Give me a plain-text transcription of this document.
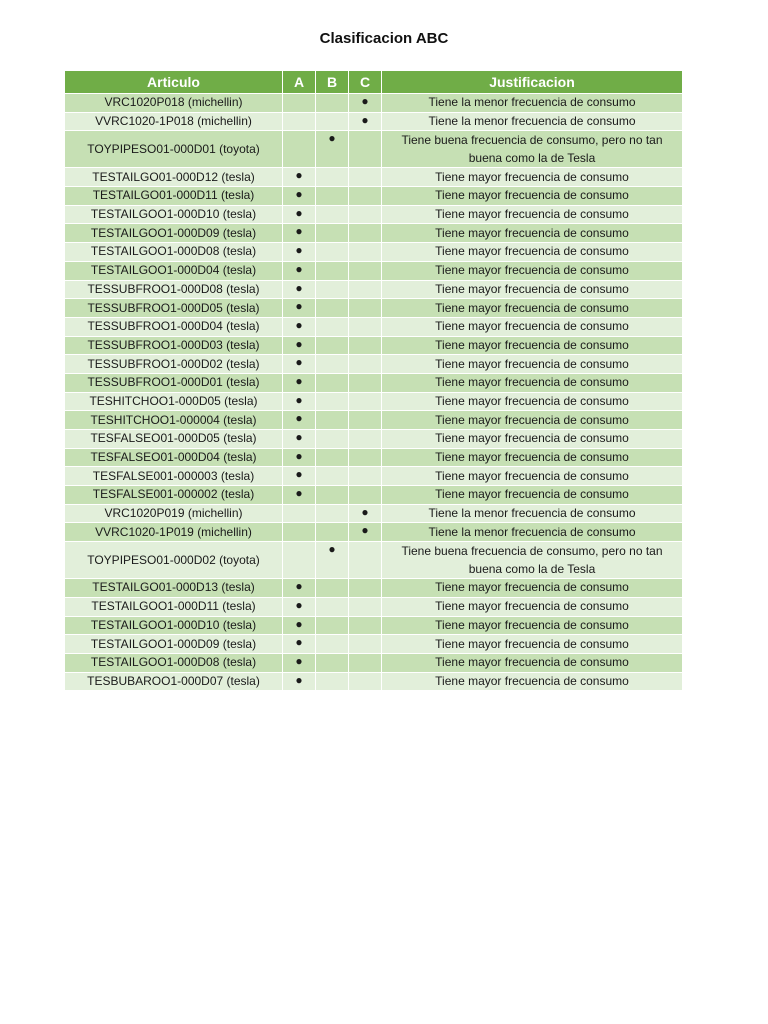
Clasificacion ABC
Articulo	A	B	C	Justificacion
VRC1020P018 (michellin)			●	Tiene la menor frecuencia de consumo
VVRC1020-1P018 (michellin)			●	Tiene la menor frecuencia de consumo
TOYPIPESO01-000D01 (toyota)		●		Tiene buena frecuencia de consumo, pero no tan buena como la de Tesla
TESTAILGO01-000D12 (tesla)	●			Tiene mayor frecuencia de consumo
TESTAILGO01-000D11 (tesla)	●			Tiene mayor frecuencia de consumo
TESTAILGOO1-000D10 (tesla)	●			Tiene mayor frecuencia de consumo
TESTAILGOO1-000D09 (tesla)	●			Tiene mayor frecuencia de consumo
TESTAILGOO1-000D08 (tesla)	●			Tiene mayor frecuencia de consumo
TESTAILGOO1-000D04 (tesla)	●			Tiene mayor frecuencia de consumo
TESSUBFROO1-000D08 (tesla)	●			Tiene mayor frecuencia de consumo
TESSUBFROO1-000D05 (tesla)	●			Tiene mayor frecuencia de consumo
TESSUBFROO1-000D04 (tesla)	●			Tiene mayor frecuencia de consumo
TESSUBFROO1-000D03 (tesla)	●			Tiene mayor frecuencia de consumo
TESSUBFROO1-000D02 (tesla)	●			Tiene mayor frecuencia de consumo
TESSUBFROO1-000D01 (tesla)	●			Tiene mayor frecuencia de consumo
TESHITCHOO1-000D05 (tesla)	●			Tiene mayor frecuencia de consumo
TESHITCHOO1-000004 (tesla)	●			Tiene mayor frecuencia de consumo
TESFALSEO01-000D05 (tesla)	●			Tiene mayor frecuencia de consumo
TESFALSEO01-000D04 (tesla)	●			Tiene mayor frecuencia de consumo
TESFALSE001-000003 (tesla)	●			Tiene mayor frecuencia de consumo
TESFALSE001-000002 (tesla)	●			Tiene mayor frecuencia de consumo
VRC1020P019 (michellin)			●	Tiene la menor frecuencia de consumo
VVRC1020-1P019 (michellin)			●	Tiene la menor frecuencia de consumo
TOYPIPESO01-000D02 (toyota)		●		Tiene buena frecuencia de consumo, pero no tan buena como la de Tesla
TESTAILGO01-000D13 (tesla)	●			Tiene mayor frecuencia de consumo
TESTAILGOO1-000D11 (tesla)	●			Tiene mayor frecuencia de consumo
TESTAILGOO1-000D10 (tesla)	●			Tiene mayor frecuencia de consumo
TESTAILGOO1-000D09 (tesla)	●			Tiene mayor frecuencia de consumo
TESTAILGOO1-000D08 (tesla)	●			Tiene mayor frecuencia de consumo
TESBUBAROO1-000D07 (tesla)	●			Tiene mayor frecuencia de consumo
